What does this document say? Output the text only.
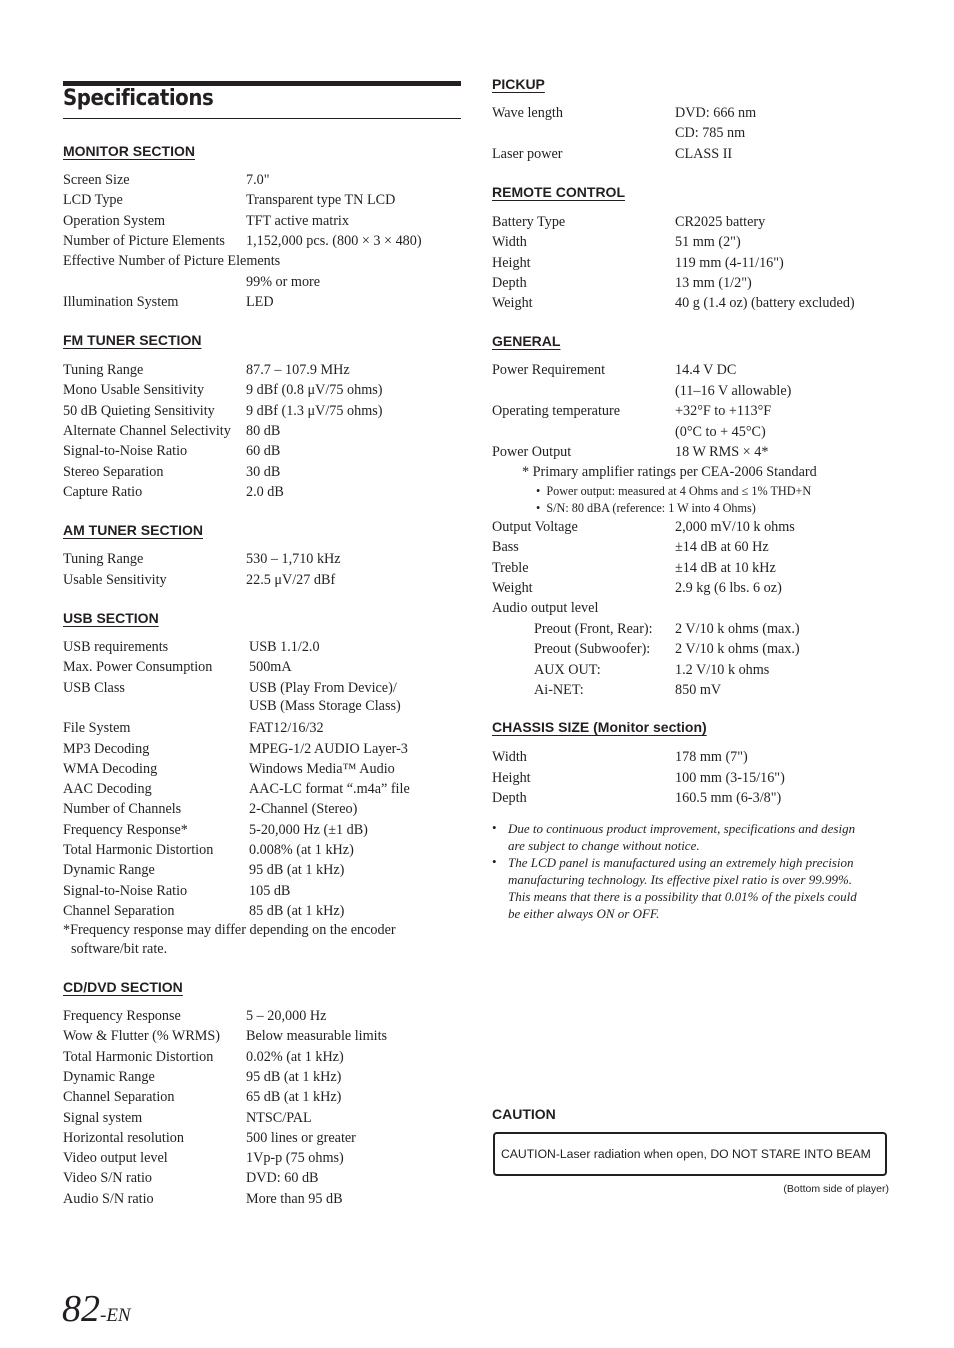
Specifications
MONITOR SECTION
Screen Size	7.0"
LCD Type	Transparent type TN LCD
Operation System	TFT active matrix
Number of Picture Elements 1,152,000 pcs. (800 × 3 × 480)
Effective Number of Picture Elements
99% or more
Illumination System	LED
FM TUNER SECTION
Tuning Range	87.7 – 107.9 MHz
Mono Usable Sensitivity	9 dBf (0.8 μV/75 ohms)
50 dB Quieting Sensitivity 9 dBf (1.3 μV/75 ohms)
Alternate Channel Selectivity 80 dB
Signal-to-Noise Ratio	60 dB
Stereo Separation	30 dB
Capture Ratio	2.0 dB
AM TUNER SECTION
Tuning Range	530 – 1,710 kHz
Usable Sensitivity	22.5 μV/27 dBf
USB SECTION
USB requirements	USB 1.1/2.0
Max. Power Consumption	500mA
USB Class	USB (Play From Device)/
USB (Mass Storage Class)
File System	FAT12/16/32
MP3 Decoding	MPEG-1/2 AUDIO Layer-3
WMA Decoding	Windows Media™ Audio
AAC Decoding	AAC-LC format “.m4a” file
Number of Channels	2-Channel (Stereo)
Frequency Response*	5-20,000 Hz (±1 dB)
Total Harmonic Distortion	0.008% (at 1 kHz)
Dynamic Range	95 dB (at 1 kHz)
Signal-to-Noise Ratio	105 dB
Channel Separation	85 dB (at 1 kHz)
*Frequency response may differ depending on the encoder
software/bit rate.
CD/DVD SECTION
Frequency Response	5 – 20,000 Hz
Wow & Flutter (% WRMS) Below measurable limits
Total Harmonic Distortion 0.02% (at 1 kHz)
Dynamic Range	95 dB (at 1 kHz)
Channel Separation	65 dB (at 1 kHz)
Signal system	NTSC/PAL
Horizontal resolution	500 lines or greater
Video output level	1Vp-p (75 ohms)
Video S/N ratio	DVD: 60 dB
Audio S/N ratio	More than 95 dB
PICKUP
Wave length	DVD: 666 nm
CD: 785 nm
Laser power	CLASS II
REMOTE CONTROL
Battery Type	CR2025 battery
Width	51 mm (2")
Height	119 mm (4-11/16")
Depth	13 mm (1/2")
Weight	40 g (1.4 oz) (battery excluded)
GENERAL
Power Requirement	14.4 V DC
(11–16 V allowable)
Operating temperature	+32°F to +113°F
(0°C to + 45°C)
Power Output	18 W RMS × 4*
* Primary amplifier ratings per CEA-2006 Standard
• Power output: measured at 4 Ohms and ≤ 1% THD+N
• S/N: 80 dBA (reference: 1 W into 4 Ohms)
Output Voltage	2,000 mV/10 k ohms
Bass	±14 dB at 60 Hz
Treble	±14 dB at 10 kHz
Weight	2.9 kg (6 lbs. 6 oz)
Audio output level
Preout (Front, Rear): 2 V/10 k ohms (max.)
Preout (Subwoofer): 2 V/10 k ohms (max.)
AUX OUT:	1.2 V/10 k ohms
Ai-NET:	850 mV
CHASSIS SIZE (Monitor section)
Width	178 mm (7")
Height	100 mm (3-15/16")
Depth	160.5 mm (6-3/8")
• Due to continuous product improvement, specifications and design
are subject to change without notice.
• The LCD panel is manufactured using an extremely high precision
manufacturing technology. Its effective pixel ratio is over 99.99%.
This means that there is a possibility that 0.01% of the pixels could
be either always ON or OFF.
CAUTION
CAUTION-Laser radiation when open, DO NOT STARE INTO BEAM
(Bottom side of player)
82-EN
